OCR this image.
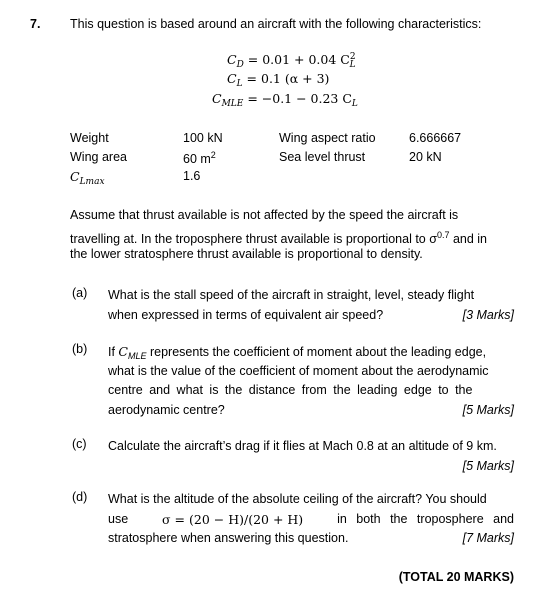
7. This question is based around an aircraft with the following characteristics:
$C_D = 0.01 + 0.04$ $C^2_L$
$C_L = 0.1$ (α + 3)
$C_{MLE} = -0.1 - 0.23$ $C_L$
Weight	100 kN	Wing aspect ratio	6.666667
Wing area	60 $m^2$	Sea level thrust	20 kN
$C_{Lmax}$	1.6
Assume that thrust available is not affected by the speed the aircraft is
travelling at. In the troposphere thrust available is proportional to $\sigma^{0.7}$ and in
the lower stratosphere thrust available is proportional to density.
(a) What is the stall speed of the aircraft in straight, level, steady flight
when expressed in terms of equivalent air speed?	[3 Marks]
(b) If $C_{MLE}$ represents the coefficient of moment about the leading edge,
what is the value of the coefficient of moment about the aerodynamic
centre and what is the distance from the leading edge to the
aerodynamic centre?	[5 Marks]
(c) Calculate the aircraft’s drag if it flies at Mach 0.8 at an altitude of 9 km.
[5 Marks]
(d) What is the altitude of the absolute ceiling of the aircraft? You should
use	σ = (20 − H)/(20 + H)	in both the troposphere and
stratosphere when answering this question.	[7 Marks]
(TOTAL 20 MARKS)
